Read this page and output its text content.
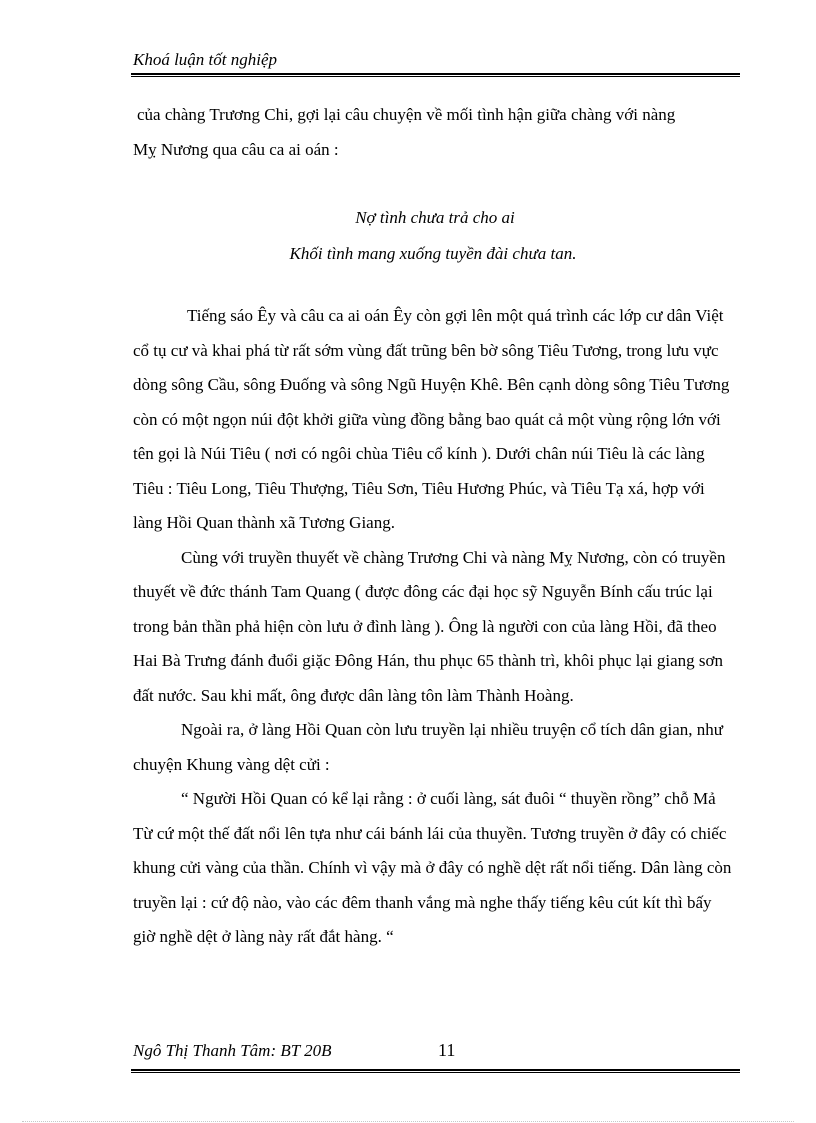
Khoá luận tốt nghiệp

của chàng Trương Chi, gợi lại câu chuyện về mối tình hận giữa chàng với nàng

Mỵ Nương qua câu ca ai oán :

Nợ tình chưa trả cho ai
Khối tình mang xuống tuyền đài chưa tan.

Tiếng sáo Êy và câu ca ai oán Êy còn gợi lên một quá trình các lớp cư dân Việt cổ tụ cư và khai phá từ rất sớm vùng đất trũng bên bờ sông Tiêu Tương, trong lưu vực dòng sông Cầu, sông Đuống và sông Ngũ Huyện Khê. Bên cạnh dòng sông Tiêu Tương còn có một ngọn núi đột khởi giữa vùng đồng bằng bao quát cả một vùng rộng lớn với tên gọi là Núi Tiêu ( nơi có ngôi chùa Tiêu cổ kính ). Dưới chân núi Tiêu là các làng Tiêu : Tiêu Long, Tiêu Thượng, Tiêu Sơn, Tiêu Hương Phúc, và Tiêu Tạ xá, hợp với làng Hồi Quan thành xã Tương Giang.

Cùng với truyền thuyết về chàng Trương Chi và nàng Mỵ Nương, còn có truyền thuyết về đức thánh Tam Quang ( được đông các đại học sỹ Nguyễn Bính cấu trúc lại trong bản thần phả hiện còn lưu ở đình làng ). Ông là người con của làng Hồi, đã theo Hai Bà Trưng đánh đuổi giặc Đông Hán, thu phục 65 thành trì, khôi phục lại giang sơn đất nước. Sau khi mất, ông được dân làng tôn làm Thành Hoàng.

Ngoài ra, ở làng Hồi Quan còn lưu truyền lại nhiều truyện cổ tích dân gian, như chuyện Khung vàng dệt cửi :

“ Người Hồi Quan có kể lại rằng : ở cuối làng, sát đuôi “ thuyền rồng” chỗ Mả Từ cứ một thế đất nổi lên tựa như cái bánh lái của thuyền. Tương truyền ở đây có chiếc khung cửi vàng của thần. Chính vì vậy mà ở đây có nghề dệt rất nổi tiếng. Dân làng còn truyền lại : cứ độ nào, vào các đêm thanh vắng mà nghe thấy tiếng kêu cút kít thì bấy giờ nghề dệt ở làng này rất đắt hàng. “

Ngô Thị Thanh Tâm: BT 20B	11
